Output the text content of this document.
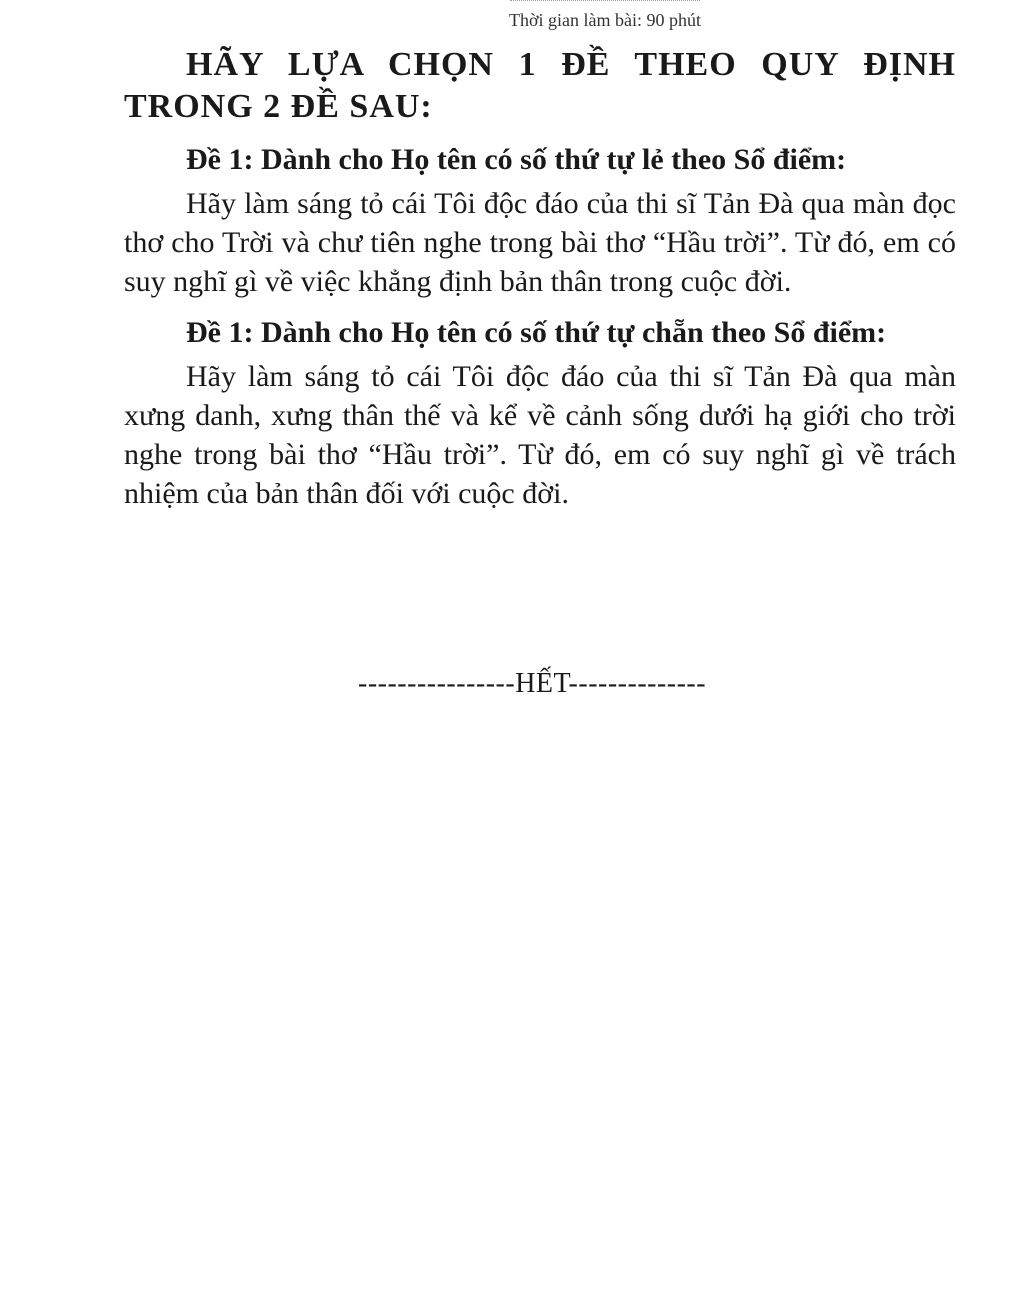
Thời gian làm bài: 90 phút

HÃY LỰA CHỌN 1 ĐỀ THEO QUY ĐỊNH TRONG 2 ĐỀ SAU:

Đề 1: Dành cho Họ tên có số thứ tự lẻ theo Sổ điểm:

Hãy làm sáng tỏ cái Tôi độc đáo của thi sĩ Tản Đà qua màn đọc thơ cho Trời và chư tiên nghe trong bài thơ “Hầu trời”. Từ đó, em có suy nghĩ gì về việc khẳng định bản thân trong cuộc đời.

Đề 1: Dành cho Họ tên có số thứ tự chẵn theo Sổ điểm:

Hãy làm sáng tỏ cái Tôi độc đáo của thi sĩ Tản Đà qua màn xưng danh, xưng thân thế và kể về cảnh sống dưới hạ giới cho trời nghe trong bài thơ “Hầu trời”. Từ đó, em có suy nghĩ gì về trách nhiệm của bản thân đối với cuộc đời.

----------------HẾT--------------
